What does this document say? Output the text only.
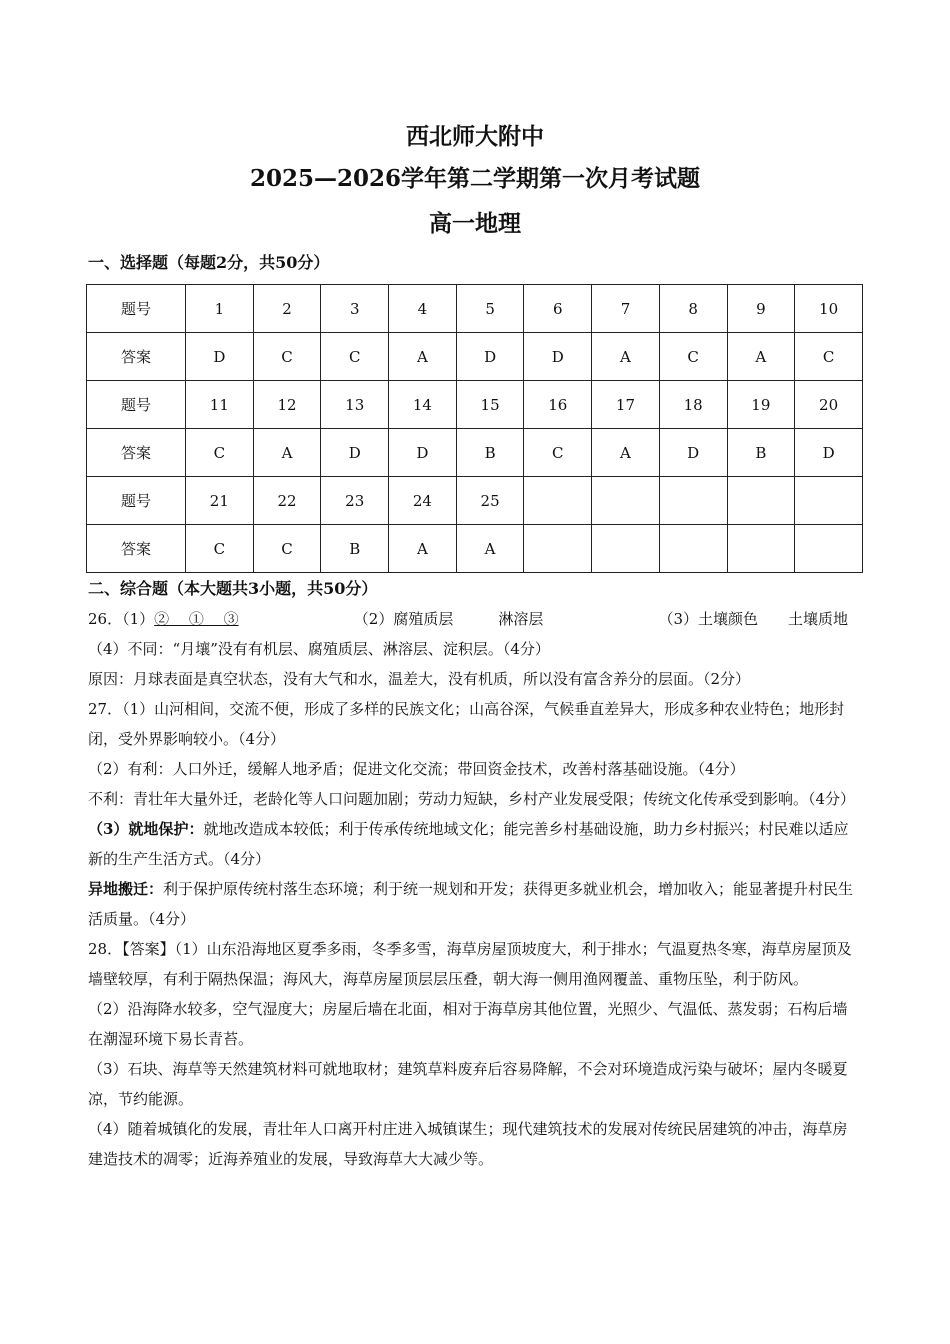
西北师大附中
2025—2026学年第二学期第一次月考试题
高一地理
一、选择题（每题2分，共50分）
题号	1	2	3	4	5	6	7	8	9	10
答案	D	C	C	A	D	D	A	C	A	C
题号	11	12	13	14	15	16	17	18	19	20
答案	C	A	D	D	B	C	A	D	B	D
题号	21	22	23	24	25					
答案	C	C	B	A	A					
二、综合题（本大题共3小题，共50分）

26．（1）②　 ①　 ③	（2）腐殖质层　　　淋溶层	（3）土壤颜色　　土壤质地

（4）不同：“月壤”没有有机层、腐殖质层、淋溶层、淀积层。（4分）

原因：月球表面是真空状态，没有大气和水，温差大，没有机质，所以没有富含养分的层面。（2分）

27．（1）山河相间，交流不便，形成了多样的民族文化；山高谷深，气候垂直差异大，形成多种农业特色；地形封闭，受外界影响较小。（4分）

（2）有利：人口外迁，缓解人地矛盾；促进文化交流；带回资金技术，改善村落基础设施。（4分）

不利：青壮年大量外迁，老龄化等人口问题加剧；劳动力短缺，乡村产业发展受限；传统文化传承受到影响。（4分）

（3）就地保护：就地改造成本较低；利于传承传统地域文化；能完善乡村基础设施，助力乡村振兴；村民难以适应新的生产生活方式。（4分）

异地搬迁：利于保护原传统村落生态环境；利于统一规划和开发；获得更多就业机会，增加收入；能显著提升村民生活质量。（4分）

28．【答案】（1）山东沿海地区夏季多雨，冬季多雪，海草房屋顶坡度大，利于排水；气温夏热冬寒，海草房屋顶及墙壁较厚，有利于隔热保温；海风大，海草房屋顶层层压叠，朝大海一侧用渔网覆盖、重物压坠，利于防风。

（2）沿海降水较多，空气湿度大；房屋后墙在北面，相对于海草房其他位置，光照少、气温低、蒸发弱；石构后墙在潮湿环境下易长青苔。

（3）石块、海草等天然建筑材料可就地取材；建筑草料废弃后容易降解，不会对环境造成污染与破坏；屋内冬暖夏凉，节约能源。

（4）随着城镇化的发展，青壮年人口离开村庄进入城镇谋生；现代建筑技术的发展对传统民居建筑的冲击，海草房建造技术的凋零；近海养殖业的发展，导致海草大大减少等。
